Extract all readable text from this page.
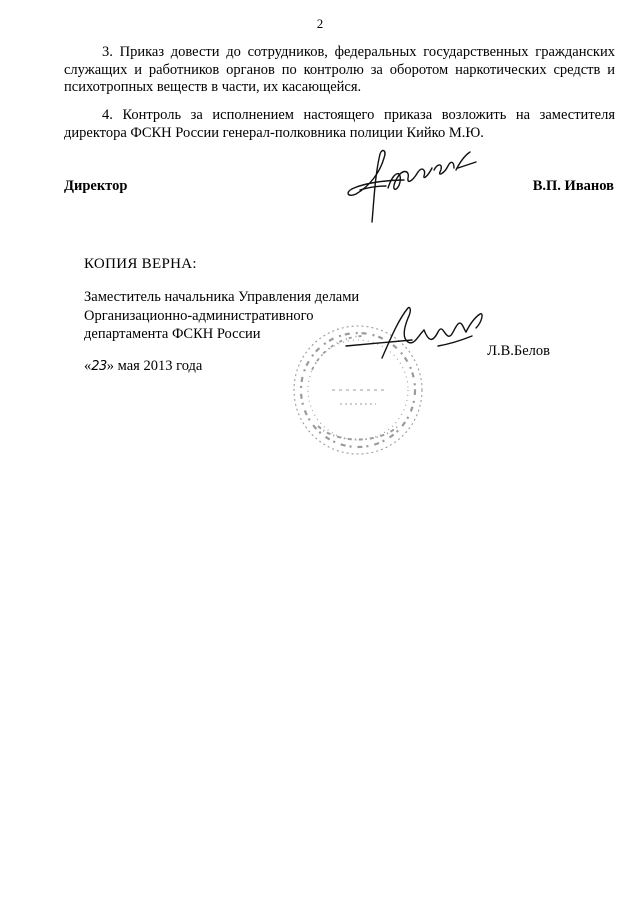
2

3. Приказ довести до сотрудников, федеральных государственных гражданских служащих и работников органов по контролю за оборотом наркотических средств и психотропных веществ в части, их касающейся.

4. Контроль за исполнением настоящего приказа возложить на заместителя директора ФСКН России генерал-полковника полиции Кийко М.Ю.

Директор	В.П. Иванов
КОПИЯ ВЕРНА:
Заместитель начальника Управления делами
Организационно-административного
департамента ФСКН России
Л.В.Белов
«23» мая 2013 года
